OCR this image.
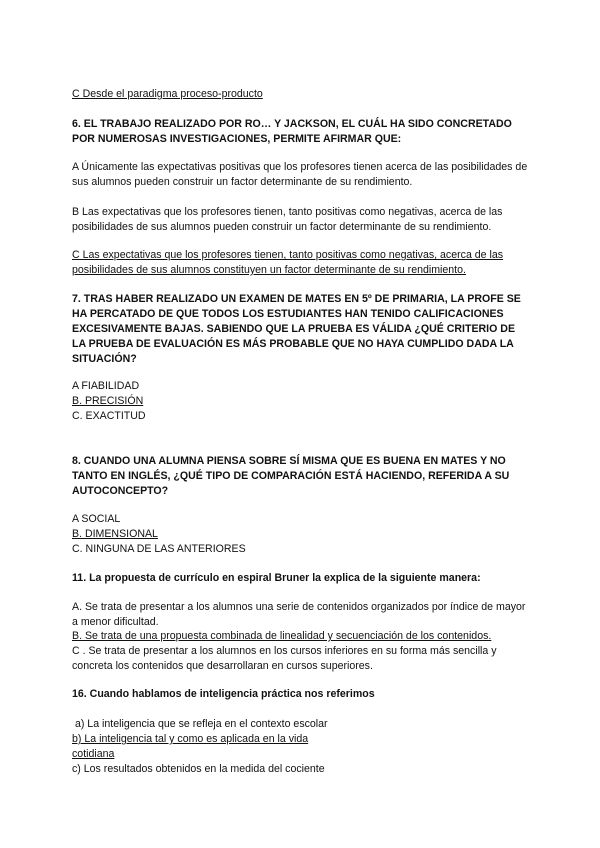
C Desde el paradigma proceso-producto

6. EL TRABAJO REALIZADO POR RO… Y JACKSON, EL CUÁL HA SIDO CONCRETADO POR NUMEROSAS INVESTIGACIONES, PERMITE AFIRMAR QUE:

A Únicamente las expectativas positivas que los profesores tienen acerca de las posibilidades de sus alumnos pueden construir un factor determinante de su rendimiento.

B Las expectativas que los profesores tienen, tanto positivas como negativas, acerca de las posibilidades de sus alumnos pueden construir un factor determinante de su rendimiento.

C Las expectativas que los profesores tienen, tanto positivas como negativas, acerca de las posibilidades de sus alumnos constituyen un factor determinante de su rendimiento.

7. TRAS HABER REALIZADO UN EXAMEN DE MATES EN 5º DE PRIMARIA, LA PROFE SE HA PERCATADO DE QUE TODOS LOS ESTUDIANTES HAN TENIDO CALIFICACIONES EXCESIVAMENTE BAJAS. SABIENDO QUE LA PRUEBA ES VÁLIDA ¿QUÉ CRITERIO DE LA PRUEBA DE EVALUACIÓN ES MÁS PROBABLE QUE NO HAYA CUMPLIDO DADA LA SITUACIÓN?

A FIABILIDAD

B. PRECISIÓN

C. EXACTITUD

8. CUANDO UNA ALUMNA PIENSA SOBRE SÍ MISMA QUE ES BUENA EN MATES Y NO TANTO EN INGLÉS, ¿QUÉ TIPO DE COMPARACIÓN ESTÁ HACIENDO, REFERIDA A SU AUTOCONCEPTO?

A SOCIAL

B. DIMENSIONAL

C. NINGUNA DE LAS ANTERIORES

11. La propuesta de currículo en espiral Bruner la explica de la siguiente manera:

A. Se trata de presentar a los alumnos una serie de contenidos organizados por índice de mayor a menor dificultad.

B. Se trata de una propuesta combinada de linealidad y secuenciación de los contenidos.

C . Se trata de presentar a los alumnos en los cursos inferiores en su forma más sencilla y concreta los contenidos que desarrollaran en cursos superiores.

16. Cuando hablamos de inteligencia práctica nos referimos

a) La inteligencia que se refleja en el contexto escolar

b) La inteligencia tal y como es aplicada en la vida

cotidiana

c) Los resultados obtenidos en la medida del cociente
